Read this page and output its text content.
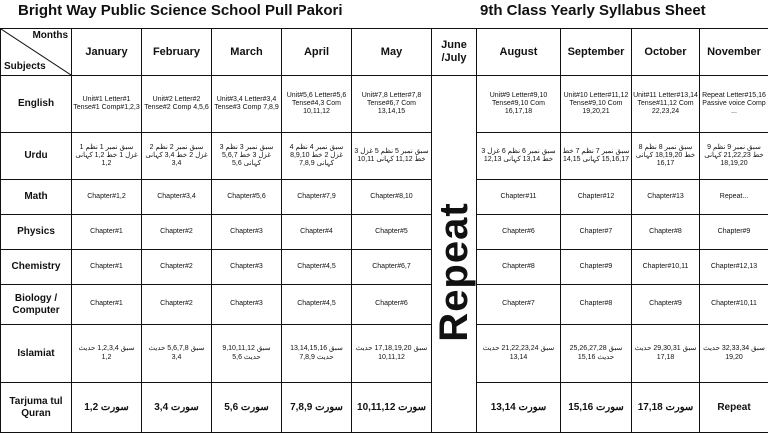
Bright Way Public Science School Pull Pakori	9th Class Yearly Syllabus Sheet
Months
Subjects	January	February	March	April	May	June /July	August	September	October	November
English	Unit#1 Letter#1 Tense#1 Comp#1,2,3	Unit#2 Letter#2 Tense#2 Comp 4,5,6	Unit#3,4 Letter#3,4 Tense#3 Comp 7,8,9	Unit#5,6 Letter#5,6 Tense#4,3 Com 10,11,12	Unit#7,8 Letter#7,8 Tense#6,7 Com 13,14,15	Repeat	Unit#9 Letter#9,10 Tense#9,10 Com 16,17,18	Unit#10 Letter#11,12 Tense#9,10 Com 19,20,21	Unit#11 Letter#13,14 Tense#11,12 Com 22,23,24	Repeat Letter#15,16 Passive voice Comp ...
Urdu	سبق نمبر 1 نظم 1 غزل 1 خط 1,2 کہانی 1,2	سبق نمبر 2 نظم 2 غزل 2 خط 3,4 کہانی 3,4	سبق نمبر 3 نظم 3 غزل 3 خط 5,6,7 کہانی 5,6	سبق نمبر 4 نظم 4 غزل 2 خط 8,9,10 کہانی 7,8,9	سبق نمبر 5 نظم 5 غزل 3 خط 11,12 کہانی 10,11		سبق نمبر 6 نظم 6 غزل 3 خط 13,14 کہانی 12,13	سبق نمبر 7 نظم 7 خط 15,16,17 کہانی 14,15	سبق نمبر 8 نظم 8 خط 18,19,20 کہانی 16,17	سبق نمبر 9 نظم 9 خط 21,22,23 کہانی 18,19,20
Math	Chapter#1,2	Chapter#3,4	Chapter#5,6	Chapter#7,9	Chapter#8,10		Chapter#11	Chapter#12	Chapter#13	Repeat...
Physics	Chapter#1	Chapter#2	Chapter#3	Chapter#4	Chapter#5		Chapter#6	Chapter#7	Chapter#8	Chapter#9
Chemistry	Chapter#1	Chapter#2	Chapter#3	Chapter#4,5	Chapter#6,7		Chapter#8	Chapter#9	Chapter#10,11	Chapter#12,13
Biology / Computer	Chapter#1	Chapter#2	Chapter#3	Chapter#4,5	Chapter#6		Chapter#7	Chapter#8	Chapter#9	Chapter#10,11
Islamiat	سبق 1,2,3,4 حدیث 1,2	سبق 5,6,7,8 حدیث 3,4	سبق 9,10,11,12 حدیث 5,6	سبق 13,14,15,16 حدیث 7,8,9	سبق 17,18,19,20 حدیث 10,11,12		سبق 21,22,23,24 حدیث 13,14	سبق 25,26,27,28 حدیث 15,16	سبق 29,30,31 حدیث 17,18	سبق 32,33,34 حدیث 19,20
Tarjuma tul Quran	سورت 1,2	سورت 3,4	سورت 5,6	سورت 7,8,9	سورت 10,11,12		سورت 13,14	سورت 15,16	سورت 17,18	Repeat
